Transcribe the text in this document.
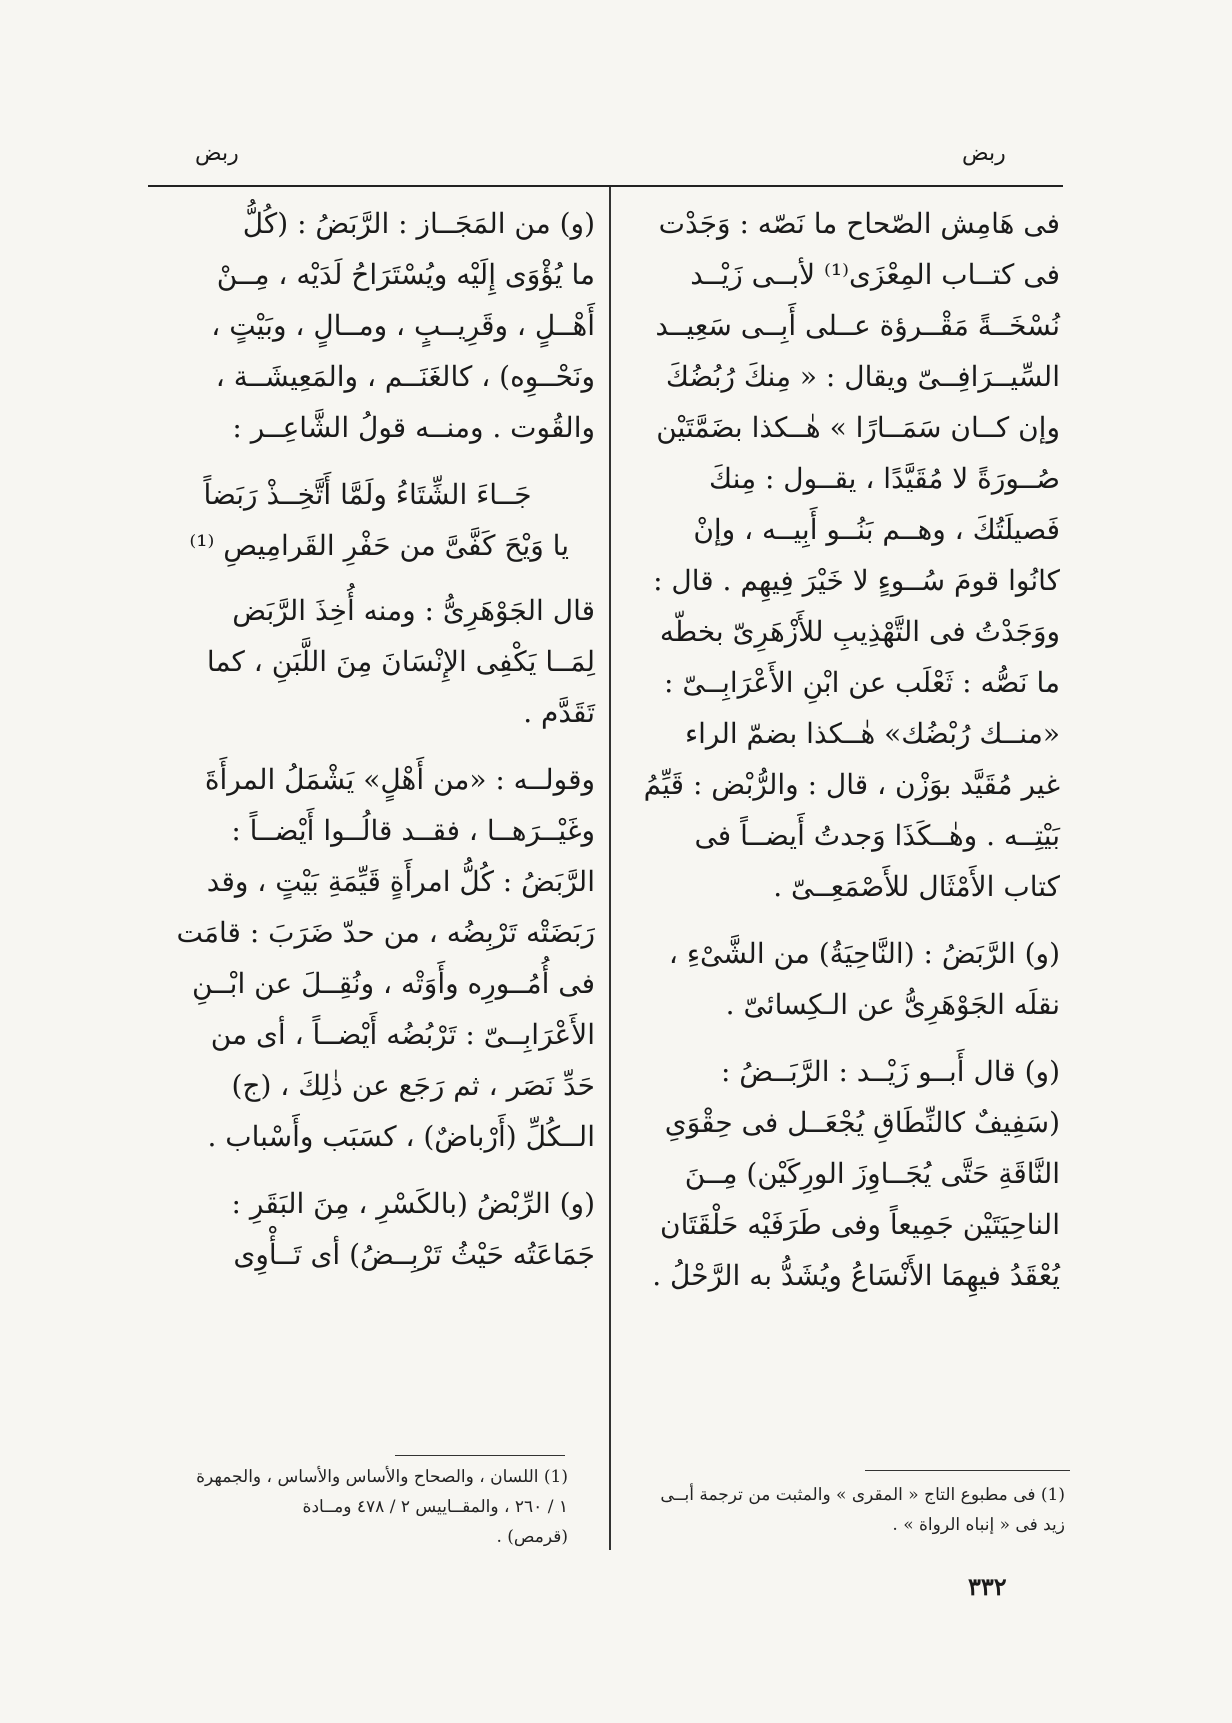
ربض
ربض
فى هَامِش الصّحاح ما نَصّه : وَجَدْت
فى كتــاب المِعْزَى⁽¹⁾ لأبــى زَيْــد
نُسْخَــةً مَقْــرؤة عــلى أَبِــى سَعِيــد
السِّيــرَافِــىّ ويقال : « مِنكَ رُبُضُكَ
وإن كــان سَمَــارًا » هٰــكذا بضَمَّتَيْن
صُــورَةً لا مُقَيَّدًا ، يقــول : مِنكَ
فَصيلَتُكَ ، وهــم بَنُــو أَبِيــه ، وإنْ
كانُوا قومَ سُــوءٍ لا خَيْرَ فِيهِم . قال :
ووَجَدْتُ فى التَّهْذِيبِ للأَزْهَرِىّ بخطّه
ما نَصُّه : ثَعْلَب عن ابْنِ الأَعْرَابِــىّ :
«منــك رُبْضُك» هٰــكذا بضمّ الراء
غير مُقَيَّد بوَزْن ، قال : والرُّبْض : قَيِّمُ
بَيْتِــه . وهٰــكَذَا وَجدتُ أَيضــاً فى
كتاب الأَمْثَال للأَصْمَعِــىّ .
(و) الرَّبَضُ : (النَّاحِيَةُ) من الشَّىْءِ ،
نقلَه الجَوْهَرِىُّ عن الـكِسائىّ .
(و) قال أَبــو زَيْــد : الرَّبَــضُ :
(سَفِيفٌ كالنِّطَاقِ يُجْعَــل فى حِقْوَىِ
النَّاقَةِ حَتَّى يُجَــاوِزَ الورِكَيْن) مِــنَ
الناحِيَتَيْن جَمِيعاً وفى طَرَفَيْه حَلْقَتَان
يُعْقَدُ فيهِمَا الأَنْسَاعُ ويُشَدُّ به الرَّحْلُ .
(و) من المَجَــاز : الرَّبَضُ : (كُلُّ
ما يُؤْوَى إِلَيْه ويُسْتَرَاحُ لَدَيْه ، مِــنْ
أَهْــلٍ ، وقَرِيــبٍ ، ومــالٍ ، وبَيْتٍ ،
ونَحْــوِه) ، كالغَنَــم ، والمَعِيشَــة ،
والقُوت . ومنــه قولُ الشَّاعِــر :
جَــاءَ الشِّتَاءُ ولَمَّا أَتَّخِــذْ رَبَضاً
يا وَيْحَ كَفَّىَّ من حَفْرِ القَرامِيصِ ⁽¹⁾
قال الجَوْهَرِىُّ : ومنه أُخِذَ الرَّبَض
لِمَــا يَكْفِى الإِنْسَانَ مِنَ اللَّبَنِ ، كما
تَقَدَّم .
وقولــه : «من أَهْلٍ» يَشْمَلُ المرأَةَ
وغَيْــرَهــا ، فقــد قالُــوا أَيْضــاً :
الرَّبَضُ : كُلُّ امرأَةٍ قَيِّمَةِ بَيْتٍ ، وقد
رَبَضَتْه تَرْبِضُه ، من حدّ ضَرَبَ : قامَت
فى أُمُــورِه وأَوَتْه ، ونُقِــلَ عن ابْــنِ
الأَعْرَابِــىّ : تَرْبُضُه أَيْضــاً ، أى من
حَدِّ نَصَر ، ثم رَجَع عن ذٰلِكَ ، (ج)
الــكُلِّ (أَرْباضٌ) ، كسَبَب وأَسْباب .
(و) الرِّبْضُ (بالكَسْرِ ، مِنَ البَقَرِ :
جَمَاعَتُه حَيْثُ تَرْبِــضُ) أى تَــأْوِى
(1) اللسان ، والصحاح والأساس والأساس ، والجمهرة
١ / ٢٦٠ ، والمقــاييس ٢ / ٤٧٨ ومــادة
(قرمص) .
(1) فى مطبوع التاج « المقرى » والمثبت من ترجمة أبــى
زيد فى « إنباه الرواة » .
٣٣٢
